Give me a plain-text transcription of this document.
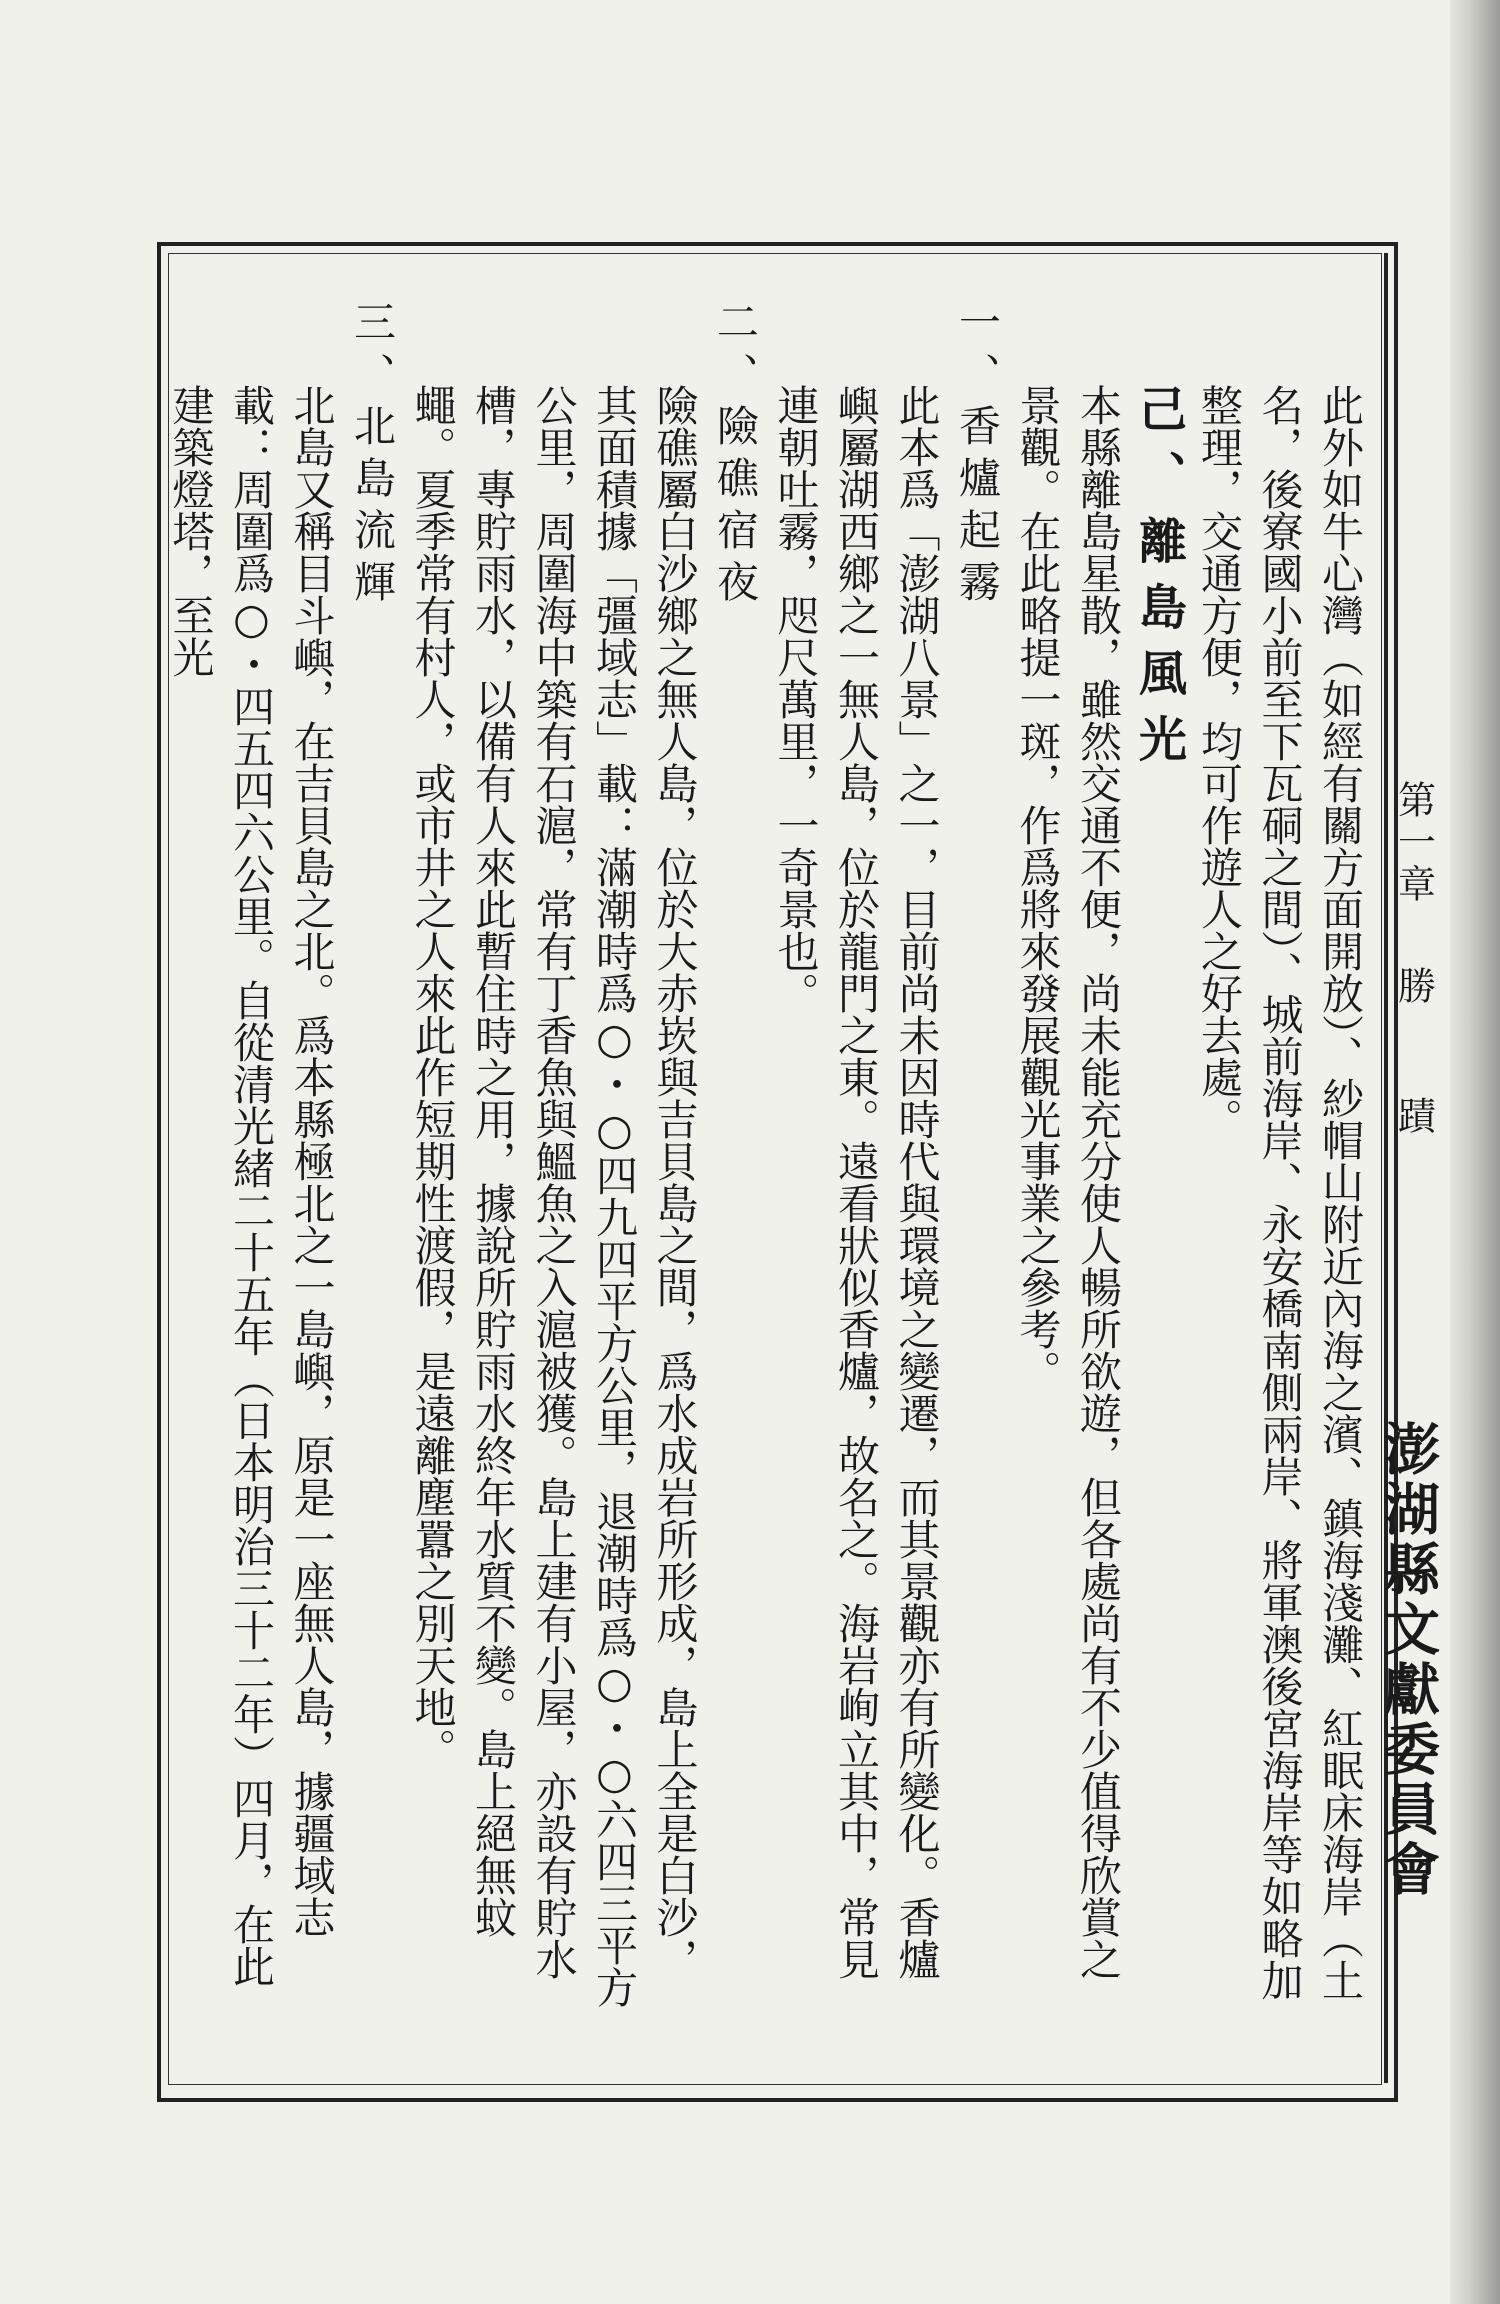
第一章
勝 蹟
澎湖縣文獻委員會

此外如牛心灣（如經有關方面開放）、紗帽山附近內海之濱、鎮海淺灘、紅眠床海岸（土名，後寮國小前至下瓦硐之間）、城前海岸、永安橋南側兩岸、將軍澳後宮海岸等如略加整理，交通方便，均可作遊人之好去處。

己、離島風光

本縣離島星散，雖然交通不便，尚未能充分使人暢所欲遊，但各處尚有不少值得欣賞之景觀。在此略提一斑，作爲將來發展觀光事業之參考。

一、香爐起霧

此本爲「澎湖八景」之一，目前尚未因時代與環境之變遷，而其景觀亦有所變化。香爐嶼屬湖西鄉之一無人島，位於龍門之東。遠看狀似香爐，故名之。海岩峋立其中，常見連朝吐霧，咫尺萬里，一奇景也。

二、險礁宿夜

險礁屬白沙鄉之無人島，位於大赤崁與吉貝島之間，爲水成岩所形成，島上全是白沙，其面積據「彊域志」載：滿潮時爲○・○四九四平方公里，退潮時爲○・○六四三平方公里，周圍海中築有石滬，常有丁香魚與鰮魚之入滬被獲。島上建有小屋，亦設有貯水槽，專貯雨水，以備有人來此暫住時之用，據說所貯雨水終年水質不變。島上絕無蚊蠅。夏季常有村人，或市井之人來此作短期性渡假，是遠離塵囂之別天地。

三、北島流輝

北島又稱目斗嶼，在吉貝島之北。爲本縣極北之一島嶼，原是一座無人島，據疆域志載：周圍爲○・四五四六公里。自從清光緒二十五年（日本明治三十二年）四月，在此建築燈塔，至光
